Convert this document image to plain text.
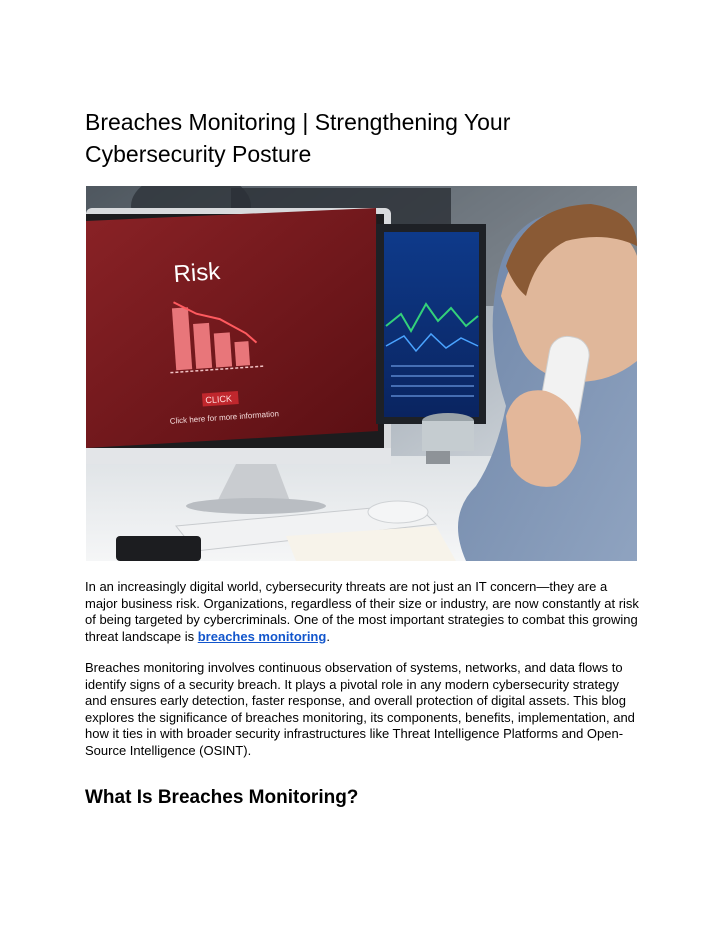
Breaches Monitoring | Strengthening Your Cybersecurity Posture
Risk
CLICK
Click here for more information

In an increasingly digital world, cybersecurity threats are not just an IT concern—they are a major business risk. Organizations, regardless of their size or industry, are now constantly at risk of being targeted by cybercriminals. One of the most important strategies to combat this growing threat landscape is breaches monitoring.

Breaches monitoring involves continuous observation of systems, networks, and data flows to identify signs of a security breach. It plays a pivotal role in any modern cybersecurity strategy and ensures early detection, faster response, and overall protection of digital assets. This blog explores the significance of breaches monitoring, its components, benefits, implementation, and how it ties in with broader security infrastructures like Threat Intelligence Platforms and Open-Source Intelligence (OSINT).

What Is Breaches Monitoring?
